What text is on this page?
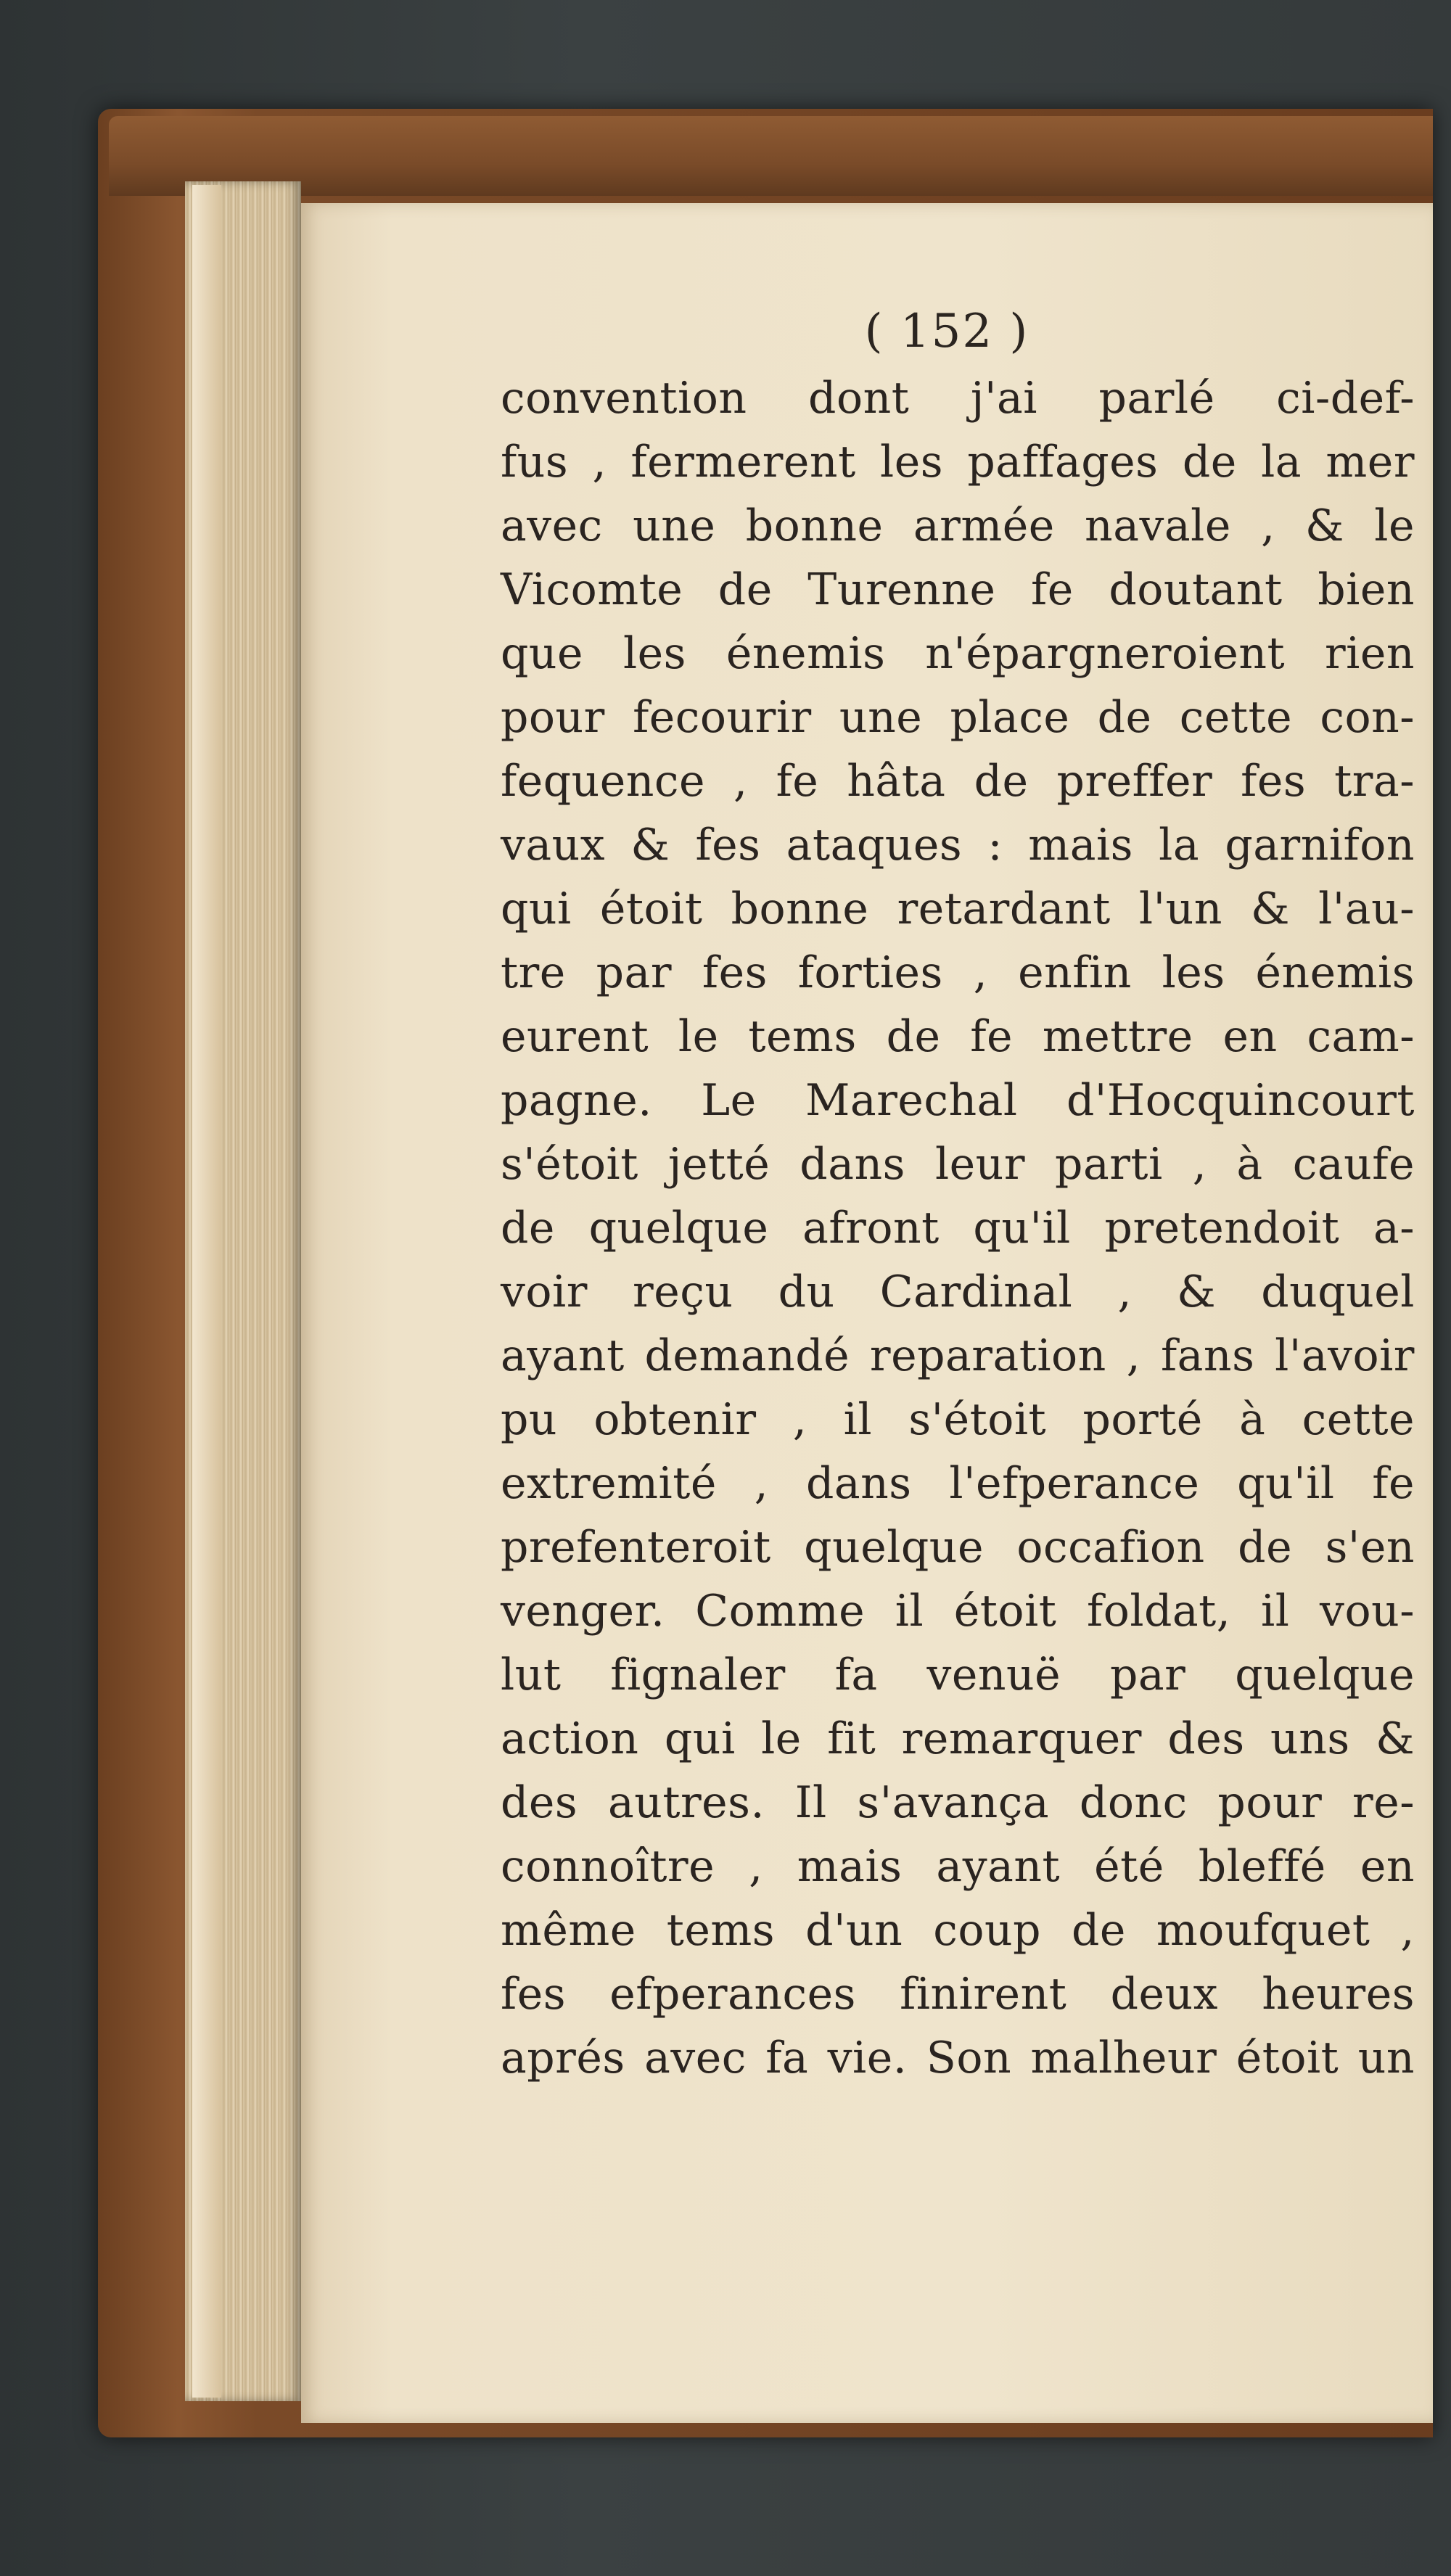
( 152 )
convention dont j'ai parlé ci-def-
fus , fermerent les paffages de la mer
avec une bonne armée navale , & le
Vicomte de Turenne fe doutant bien
que les énemis n'épargneroient rien
pour fecourir une place de cette con-
fequence , fe hâta de preffer fes tra-
vaux & fes ataques : mais la garnifon
qui étoit bonne retardant l'un & l'au-
tre par fes forties , enfin les énemis
eurent le tems de fe mettre en cam-
pagne. Le Marechal d'Hocquincourt
s'étoit jetté dans leur parti , à caufe
de quelque afront qu'il pretendoit a-
voir reçu du Cardinal , & duquel
ayant demandé reparation , fans l'avoir
pu obtenir , il s'étoit porté à cette
extremité , dans l'efperance qu'il fe
prefenteroit quelque occafion de s'en
venger. Comme il étoit foldat, il vou-
lut fignaler fa venuë par quelque
action qui le fit remarquer des uns &
des autres. Il s'avança donc pour re-
connoître , mais ayant été bleffé en
même tems d'un coup de moufquet ,
fes efperances finirent deux heures
aprés avec fa vie. Son malheur étoit un
